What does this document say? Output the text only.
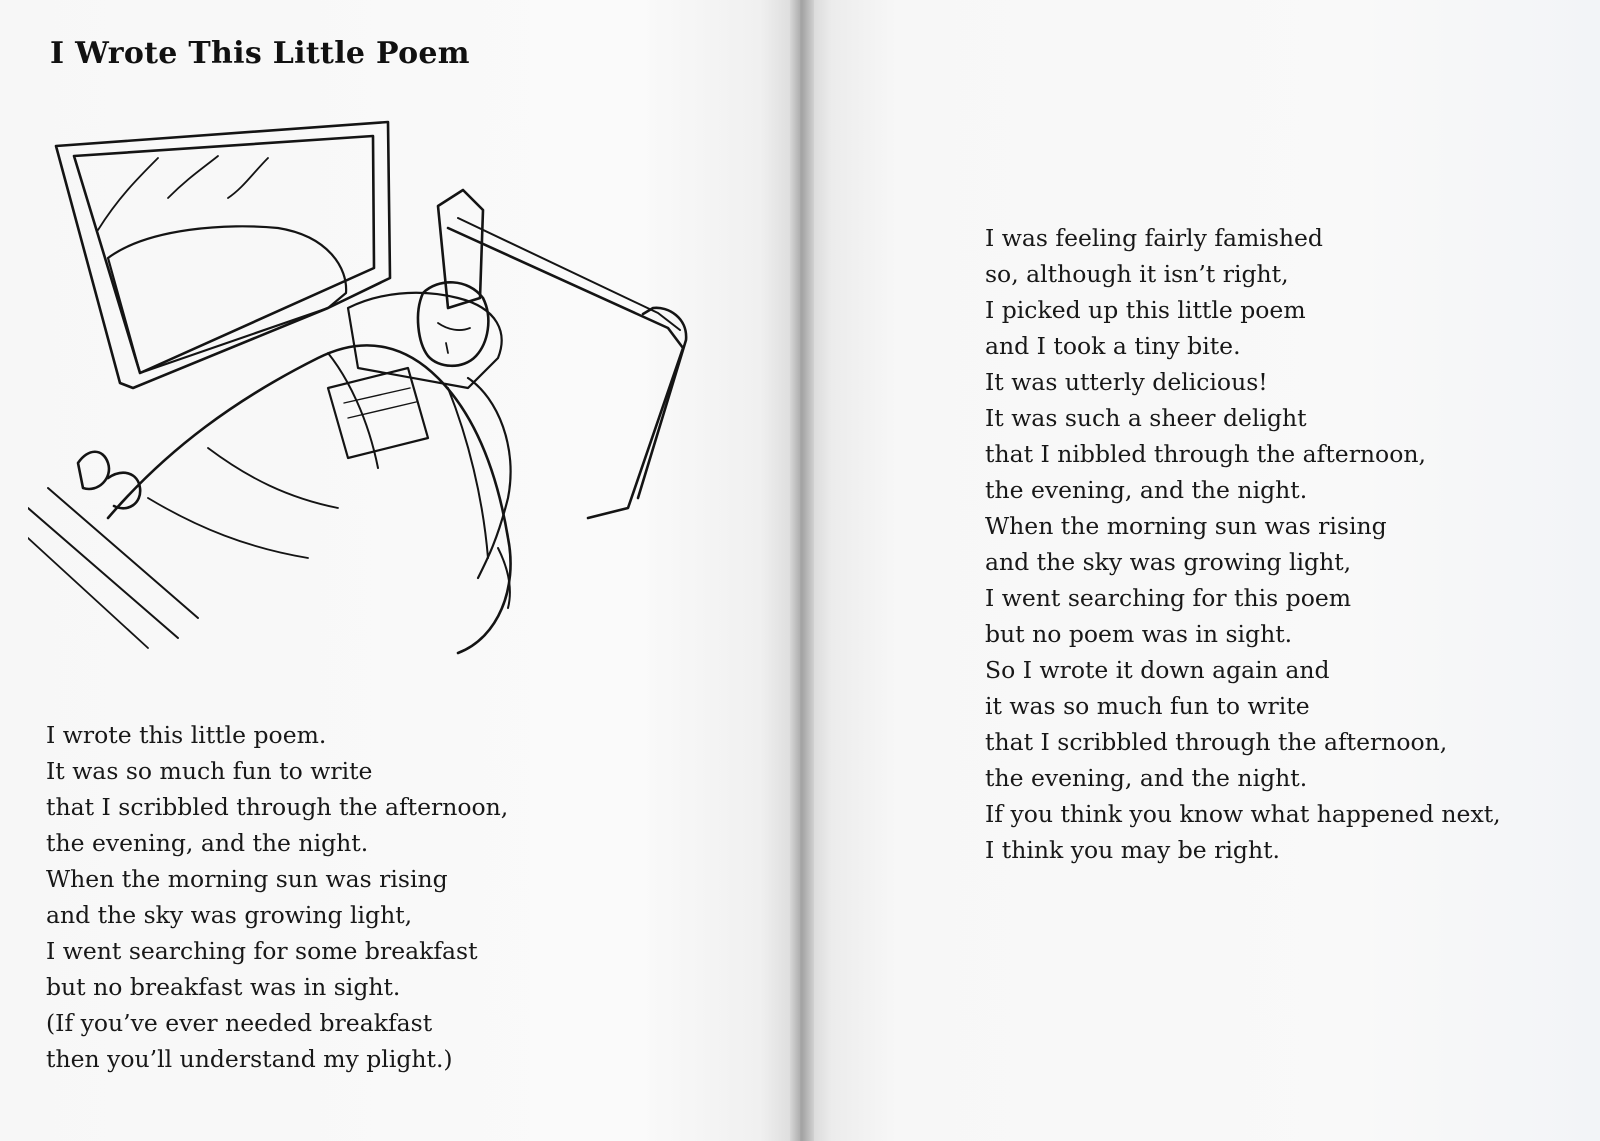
I Wrote This Little Poem
I wrote this little poem.
It was so much fun to write
that I scribbled through the afternoon,
the evening, and the night.
When the morning sun was rising
and the sky was growing light,
I went searching for some breakfast
but no breakfast was in sight.
(If you’ve ever needed breakfast
then you’ll understand my plight.)
I was feeling fairly famished
so, although it isn’t right,
I picked up this little poem
and I took a tiny bite.
It was utterly delicious!
It was such a sheer delight
that I nibbled through the afternoon,
the evening, and the night.
When the morning sun was rising
and the sky was growing light,
I went searching for this poem
but no poem was in sight.
So I wrote it down again and
it was so much fun to write
that I scribbled through the afternoon,
the evening, and the night.
If you think you know what happened next,
I think you may be right.
